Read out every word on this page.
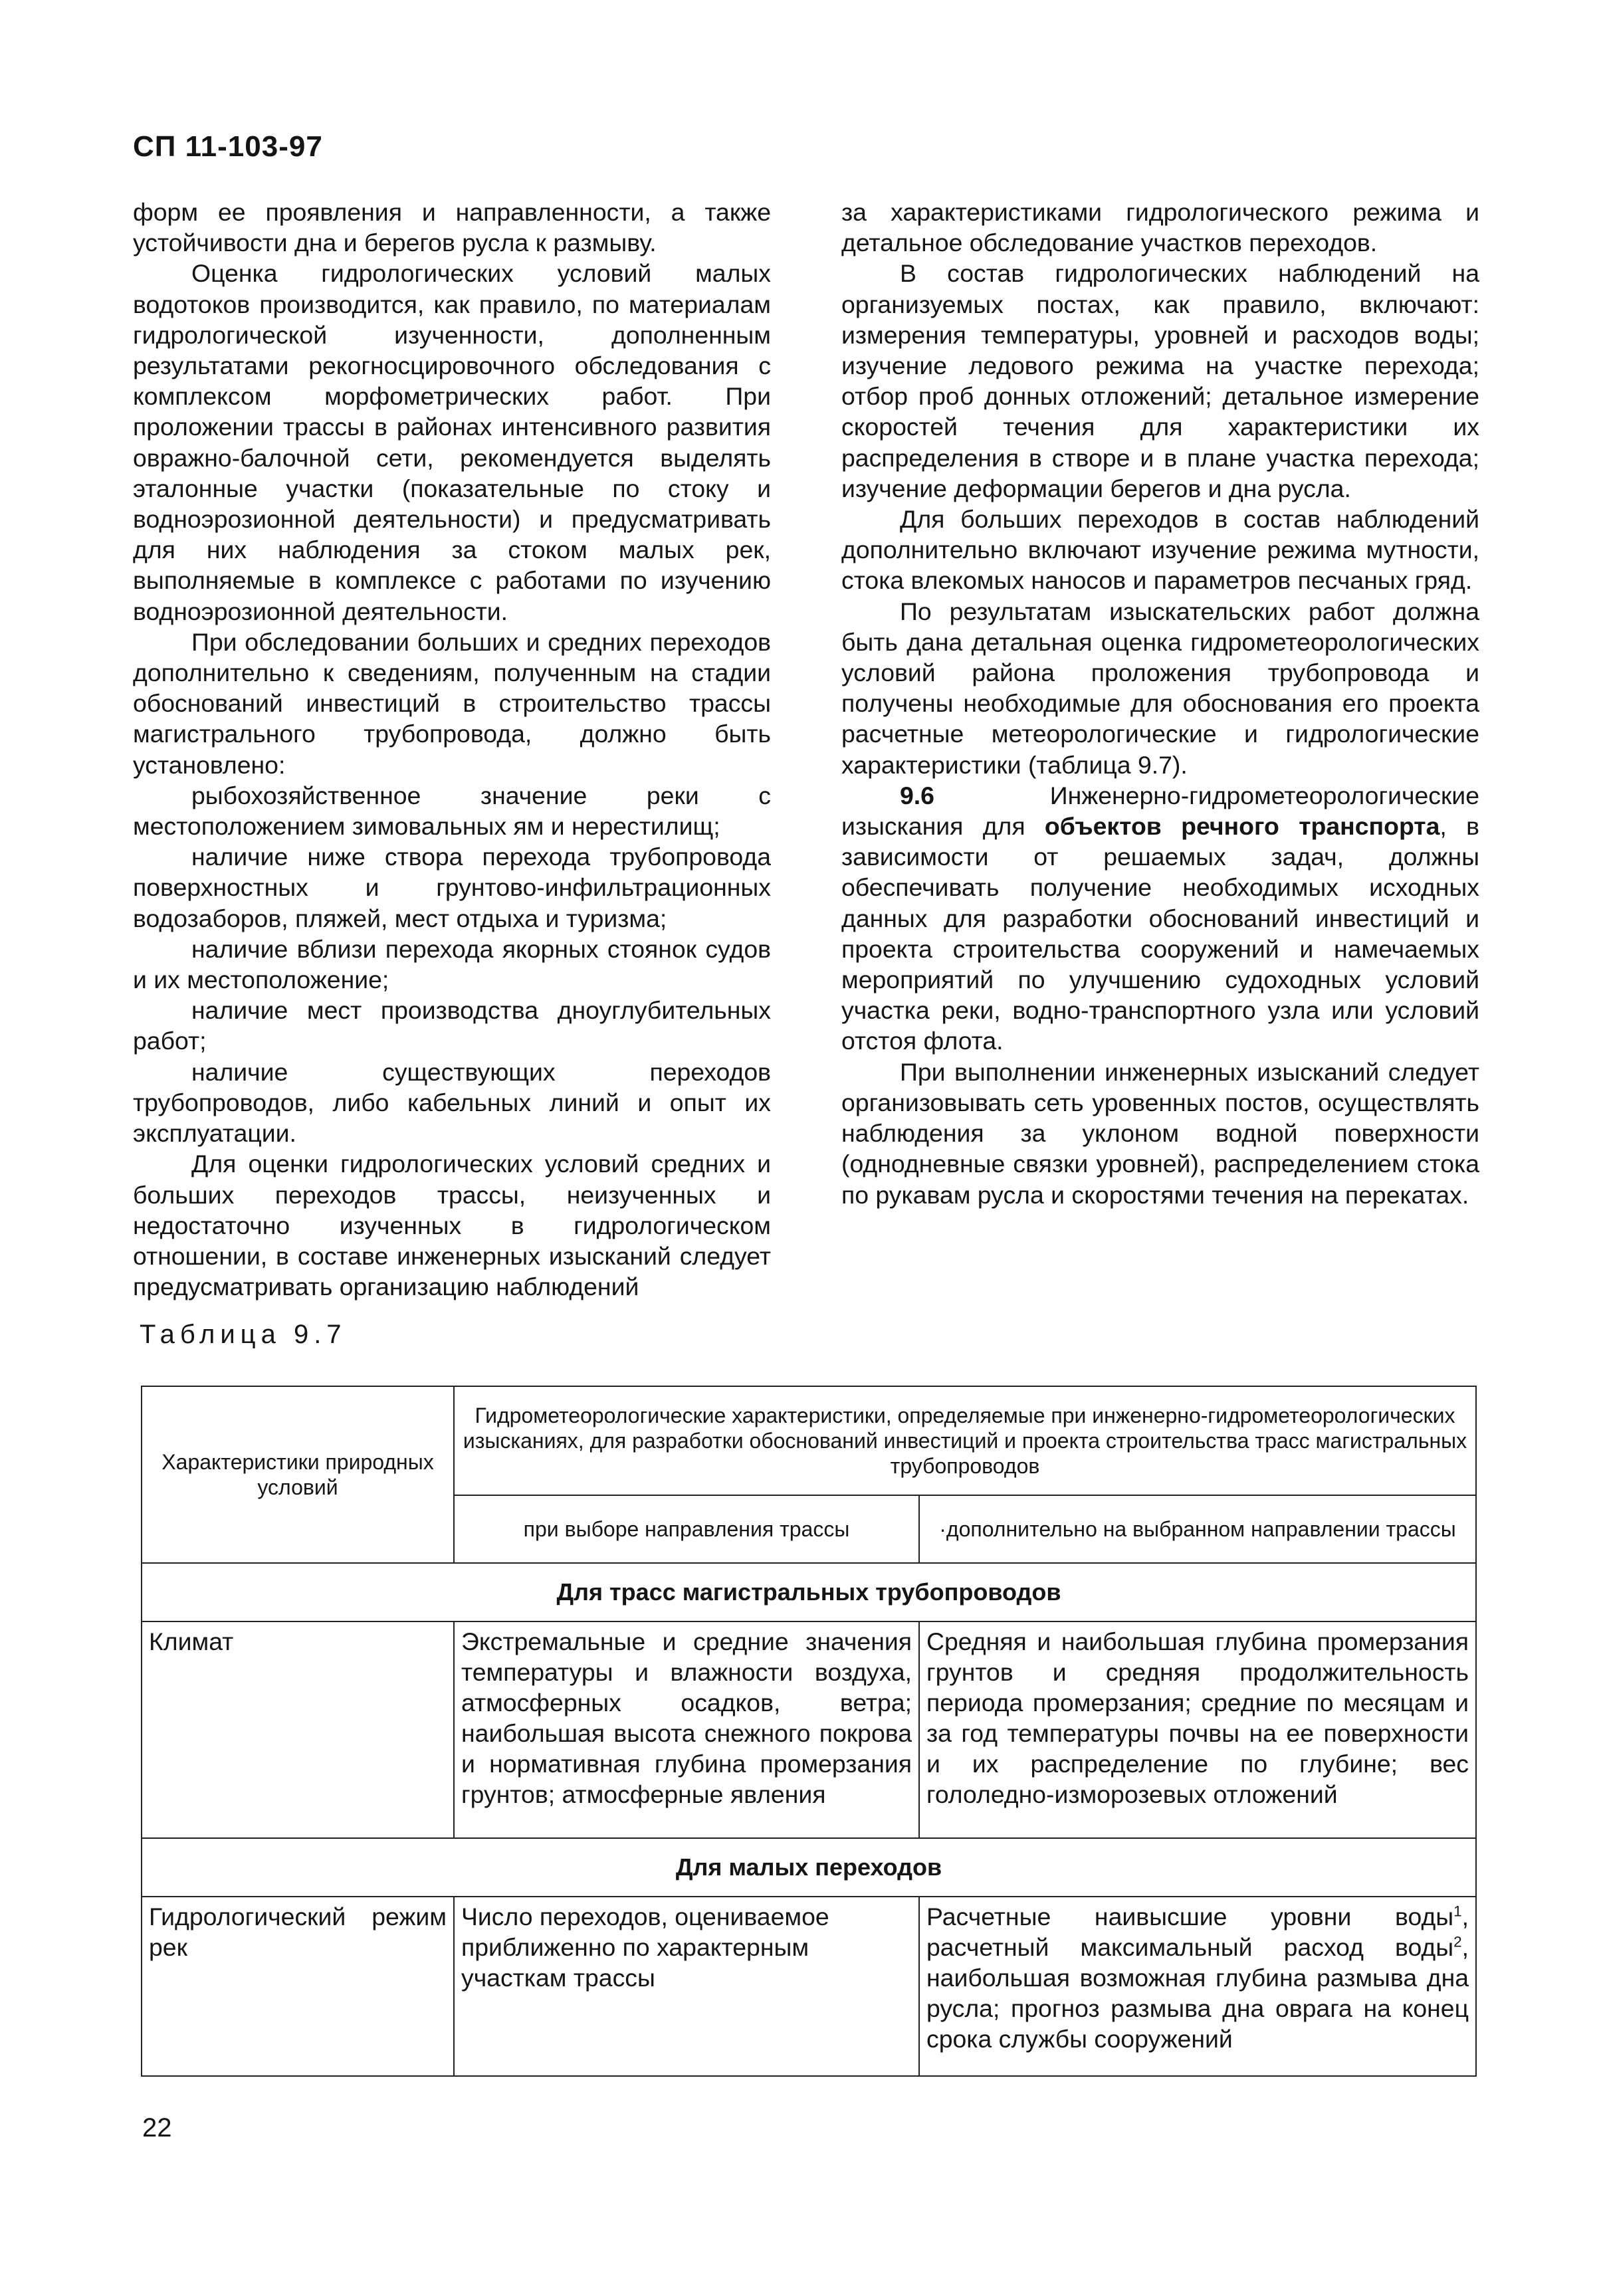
СП 11-103-97

форм ее проявления и направленности, а также устойчивости дна и берегов русла к размыву.

Оценка гидрологических условий малых водотоков производится, как правило, по материалам гидрологической изученности, дополненным результатами рекогносцировочного обследования с комплексом морфометрических работ. При проложении трассы в районах интенсивного развития овражно-балочной сети, рекомендуется выделять эталонные участки (показательные по стоку и водноэрозионной деятельности) и предусматривать для них наблюдения за стоком малых рек, выполняемые в комплексе с работами по изучению водноэрозионной деятельности.

При обследовании больших и средних переходов дополнительно к сведениям, полученным на стадии обоснований инвестиций в строительство трассы магистрального трубопровода, должно быть установлено:

рыбохозяйственное значение реки с местоположением зимовальных ям и нерестилищ;

наличие ниже створа перехода трубопровода поверхностных и грунтово-инфильтрационных водозаборов, пляжей, мест отдыха и туризма;

наличие вблизи перехода якорных стоянок судов и их местоположение;

наличие мест производства дноуглубительных работ;

наличие существующих переходов трубопроводов, либо кабельных линий и опыт их эксплуатации.

Для оценки гидрологических условий средних и больших переходов трассы, неизученных и недостаточно изученных в гидрологическом отношении, в составе инженерных изысканий следует предусматривать организацию наблюдений

за характеристиками гидрологического режима и детальное обследование участков переходов.

В состав гидрологических наблюдений на организуемых постах, как правило, включают: измерения температуры, уровней и расходов воды; изучение ледового режима на участке перехода; отбор проб донных отложений; детальное измерение скоростей течения для характеристики их распределения в створе и в плане участка перехода; изучение деформации берегов и дна русла.

Для больших переходов в состав наблюдений дополнительно включают изучение режима мутности, стока влекомых наносов и параметров песчаных гряд.

По результатам изыскательских работ должна быть дана детальная оценка гидрометеорологических условий района проложения трубопровода и получены необходимые для обоснования его проекта расчетные метеорологические и гидрологические характеристики (таблица 9.7).

9.6 Инженерно-гидрометеорологические изыскания для объектов речного транспорта, в зависимости от решаемых задач, должны обеспечивать получение необходимых исходных данных для разработки обоснований инвестиций и проекта строительства сооружений и намечаемых мероприятий по улучшению судоходных условий участка реки, водно-транспортного узла или условий отстоя флота.

При выполнении инженерных изысканий следует организовывать сеть уровенных постов, осуществлять наблюдения за уклоном водной поверхности (однодневные связки уровней), распределением стока по рукавам русла и скоростями течения на перекатах.

Таблица 9.7
Характеристики природных условий	Гидрометеорологические характеристики, определяемые при инженерно-гидрометеорологических изысканиях, для разработки обоснований инвестиций и проекта строительства трасс магистральных трубопроводов	
	при выборе направления трассы	·дополнительно на выбранном направлении трассы
Для трасс магистральных трубопроводов		
Климат	Экстремальные и средние значения температуры и влажности воздуха, атмосферных осадков, ветра; наибольшая высота снежного покрова и нормативная глубина промерзания грунтов; атмосферные явления	Средняя и наибольшая глубина промерзания грунтов и средняя продолжительность периода промерзания; средние по месяцам и за год температуры почвы на ее поверхности и их распределение по глубине; вес гололедно-изморозевых отложений
Для малых переходов		
Гидрологический режим рек	Число переходов, оцениваемое приближенно по характерным участкам трассы	Расчетные наивысшие уровни воды$^1$, расчетный максимальный расход воды$^2$, наибольшая возможная глубина размыва дна русла; прогноз размыва дна оврага на конец срока службы сооружений
22
